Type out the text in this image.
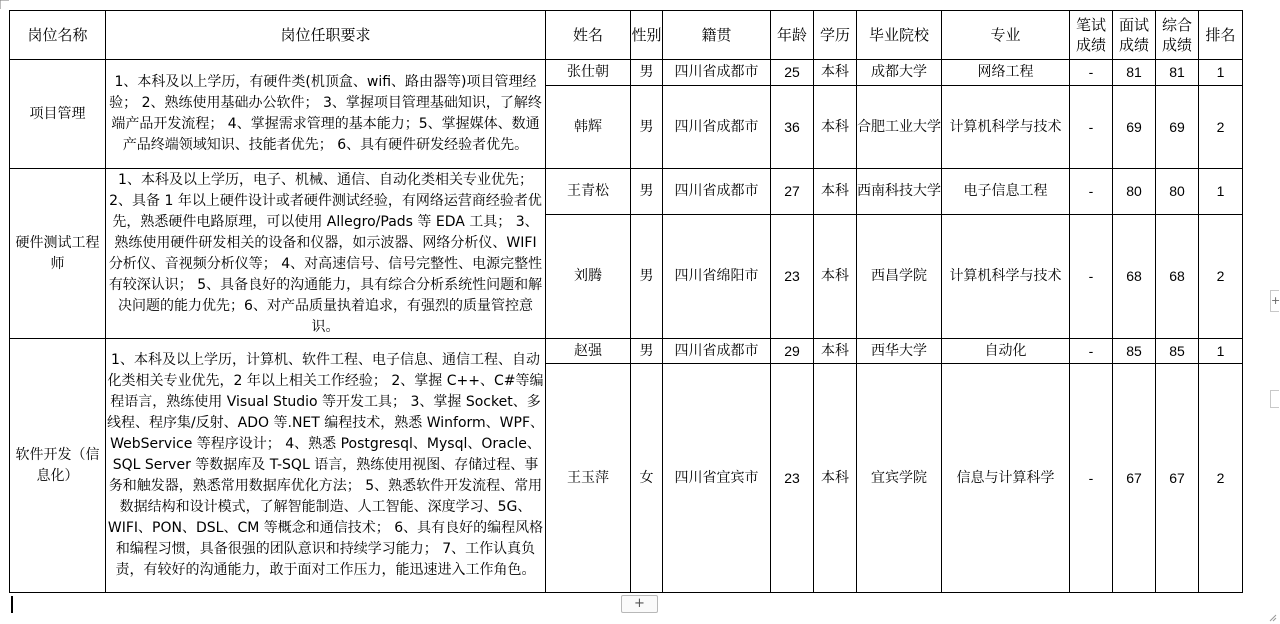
岗位名称	岗位任职要求	姓名	性别	籍贯	年龄	学历	毕业院校	专业	笔试成绩	面试成绩	综合成绩	排名
项目管理	1、本科及以上学历，有硬件类(机顶盒、wifi、路由器等)项目管理经验； 2、熟练使用基础办公软件； 3、掌握项目管理基础知识，了解终端产品开发流程； 4、掌握需求管理的基本能力；5、掌握媒体、数通产品终端领域知识、技能者优先； 6、具有硬件研发经验者优先。	张仕朝	男	四川省成都市	25	本科	成都大学	网络工程	-	81	81	1
		韩辉	男	四川省成都市	36	本科	合肥工业大学	计算机科学与技术	-	69	69	2
硬件测试工程师	1、本科及以上学历，电子、机械、通信、自动化类相关专业优先； 2、具备 1 年以上硬件设计或者硬件测试经验，有网络运营商经验者优先，熟悉硬件电路原理，可以使用 Allegro/Pads 等 EDA 工具； 3、熟练使用硬件研发相关的设备和仪器，如示波器、网络分析仪、WIFI 分析仪、音视频分析仪等； 4、对高速信号、信号完整性、电源完整性有较深认识； 5、具备良好的沟通能力，具有综合分析系统性问题和解决问题的能力优先；6、对产品质量执着追求，有强烈的质量管控意识。	王青松	男	四川省成都市	27	本科	西南科技大学	电子信息工程	-	80	80	1
		刘腾	男	四川省绵阳市	23	本科	西昌学院	计算机科学与技术	-	68	68	2
软件开发（信息化）	1、本科及以上学历，计算机、软件工程、电子信息、通信工程、自动化类相关专业优先，2 年以上相关工作经验； 2、掌握 C++、C#等编程语言，熟练使用 Visual Studio 等开发工具； 3、掌握 Socket、多线程、程序集/反射、ADO 等.NET 编程技术，熟悉 Winform、WPF、 WebService 等程序设计； 4、熟悉 Postgresql、Mysql、Oracle、SQL Server 等数据库及 T-SQL 语言，熟练使用视图、存储过程、事务和触发器，熟悉常用数据库优化方法； 5、熟悉软件开发流程、常用数据结构和设计模式，了解智能制造、人工智能、深度学习、5G、WIFI、PON、DSL、CM 等概念和通信技术； 6、具有良好的编程风格和编程习惯，具备很强的团队意识和持续学习能力； 7、工作认真负责，有较好的沟通能力，敢于面对工作压力，能迅速进入工作角色。	赵强	男	四川省成都市	29	本科	西华大学	自动化	-	85	85	1
		王玉萍	女	四川省宜宾市	23	本科	宜宾学院	信息与计算科学	-	67	67	2
+
+
